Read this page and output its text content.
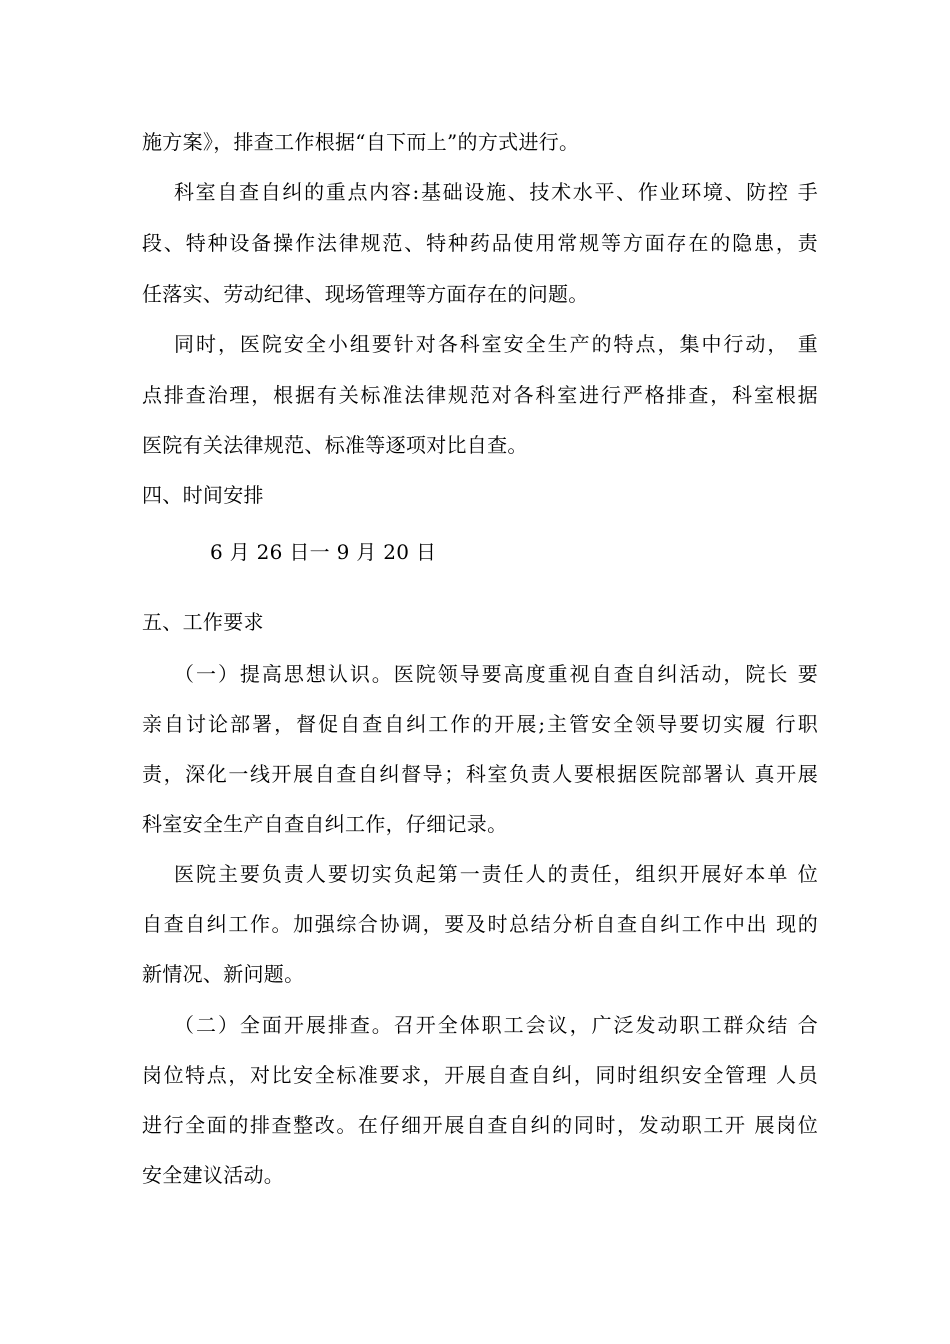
施方案》，排查工作根据“自下而上”的方式进行。
科室自查自纠的重点内容:基础设施、技术水平、作业环境、防控 手
段、特种设备操作法律规范、特种药品使用常规等方面存在的隐患，责
任落实、劳动纪律、现场管理等方面存在的问题。
同时，医院安全小组要针对各科室安全生产的特点，集中行动， 重
点排查治理，根据有关标准法律规范对各科室进行严格排查，科室根据
医院有关法律规范、标准等逐项对比自查。
四、时间安排
6 月 26 日一 9 月 20 日
五、工作要求
（一）提高思想认识。医院领导要高度重视自查自纠活动，院长 要
亲自讨论部署，督促自查自纠工作的开展;主管安全领导要切实履 行职
责，深化一线开展自查自纠督导；科室负责人要根据医院部署认 真开展
科室安全生产自查自纠工作，仔细记录。
医院主要负责人要切实负起第一责任人的责任，组织开展好本单 位
自查自纠工作。加强综合协调，要及时总结分析自查自纠工作中出 现的
新情况、新问题。
（二）全面开展排查。召开全体职工会议，广泛发动职工群众结 合
岗位特点，对比安全标准要求，开展自查自纠，同时组织安全管理 人员
进行全面的排查整改。在仔细开展自查自纠的同时，发动职工开 展岗位
安全建议活动。
